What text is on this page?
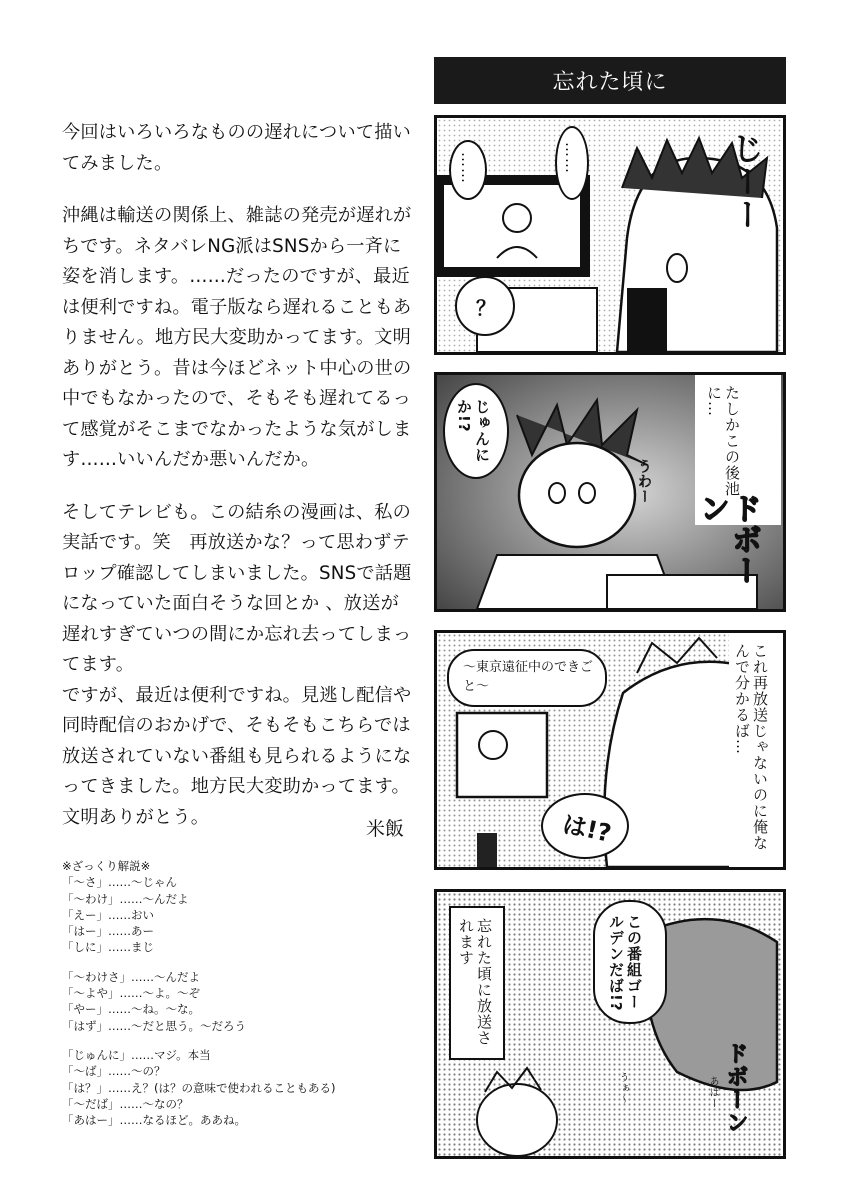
今回はいろいろなものの遅れについて描いてみました。

沖縄は輸送の関係上、雑誌の発売が遅れがちです。ネタバレNG派はSNSから一斉に姿を消します。……だったのですが、最近は便利ですね。電子版なら遅れることもありません。地方民大変助かってます。文明ありがとう。昔は今ほどネット中心の世の中でもなかったので、そもそも遅れてるって感覚がそこまでなかったような気がします……いいんだか悪いんだか。

そしてテレビも。この結糸の漫画は、私の実話です。笑　再放送かな？って思わずテロップ確認してしまいました。SNSで話題になっていた面白そうな回とか 、放送が遅れすぎていつの間にか忘れ去ってしまってます。

ですが、最近は便利ですね。見逃し配信や同時配信のおかげで、そもそもこちらでは放送されていない番組も見られるようになってきました。地方民大変助かってます。文明ありがとう。

米飯
※ざっくり解説※
「～さ」……～じゃん
「～わけ」……～んだよ
「えー」……おい
「はー」……あー
「しに」……まじ
「～わけさ」……～んだよ
「～よや」……～よ。～ぞ
「やー」……～ね。～な。
「はず」……～だと思う。～だろう
「じゅんに」……マジ。本当
「～ば」……～の？
「は？」……え？(は？の意味で使われることもある)
「～だば」……～なの？
「あはー」……なるほど。ああね。
忘れた頃に
……	……	じーー
？
じゅんにか!?	たしかこの後池に…
うわー
ドボーン
～東京遠征中のできごと～	これ再放送じゃないのに俺なんで分かるば…
は!?
この番組ゴールデンだば!?
忘れた頃に放送されます
ドボーン
あはー
うぁ～
